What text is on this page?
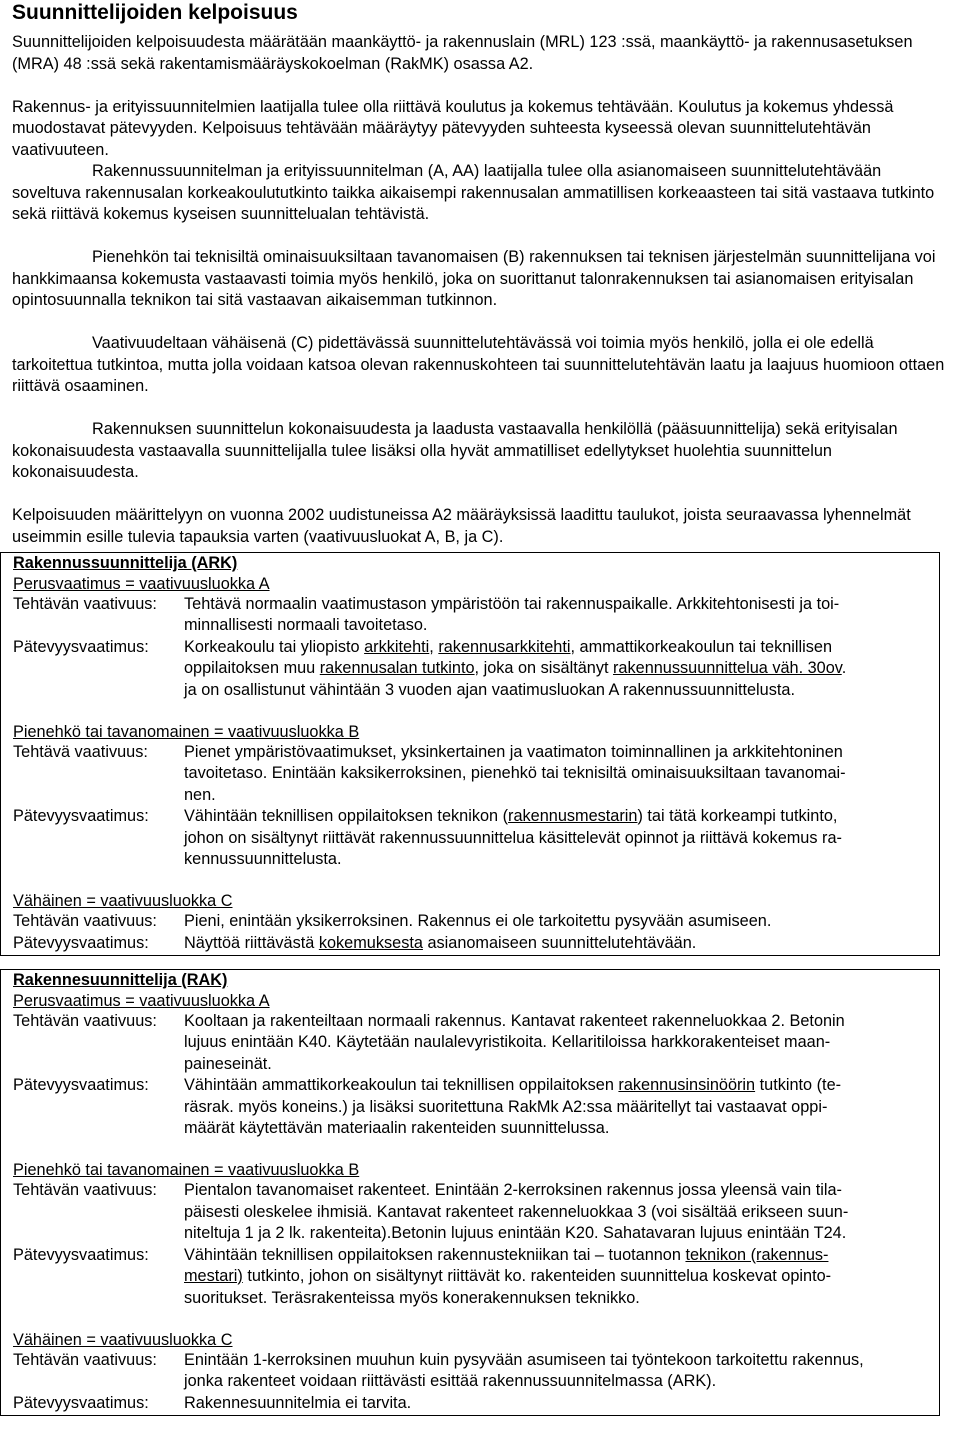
Suunnittelijoiden kelpoisuus

Suunnittelijoiden kelpoisuudesta määrätään maankäyttö- ja rakennuslain (MRL) 123 :ssä, maankäyttö- ja rakennusasetuksen (MRA) 48 :ssä sekä rakentamismääräyskokoelman (RakMK) osassa A2.

Rakennus- ja erityissuunnitelmien laatijalla tulee olla riittävä koulutus ja kokemus tehtävään. Koulutus ja kokemus yhdessä muodostavat pätevyyden. Kelpoisuus tehtävään määräytyy pätevyyden suhteesta kyseessä olevan suunnittelutehtävän vaativuuteen.

Rakennussuunnitelman ja erityissuunnitelman (A, AA) laatijalla tulee olla asianomaiseen suunnittelutehtävään soveltuva rakennusalan korkeakoulututkinto taikka aikaisempi rakennusalan ammatillisen korkeaasteen tai sitä vastaava tutkinto sekä riittävä kokemus kyseisen suunnittelualan tehtävistä.

Pienehkön tai teknisiltä ominaisuuksiltaan tavanomaisen (B) rakennuksen tai teknisen järjestelmän suunnittelijana voi hankkimaansa kokemusta vastaavasti toimia myös henkilö, joka on suorittanut talonrakennuksen tai asianomaisen erityisalan opintosuunnalla teknikon tai sitä vastaavan aikaisemman tutkinnon.

Vaativuudeltaan vähäisenä (C) pidettävässä suunnittelutehtävässä voi toimia myös henkilö, jolla ei ole edellä tarkoitettua tutkintoa, mutta jolla voidaan katsoa olevan rakennuskohteen tai suunnittelutehtävän laatu ja laajuus huomioon ottaen riittävä osaaminen.

Rakennuksen suunnittelun kokonaisuudesta ja laadusta vastaavalla henkilöllä (pääsuunnittelija) sekä erityisalan kokonaisuudesta vastaavalla suunnittelijalla tulee lisäksi olla hyvät ammatilliset edellytykset huolehtia suunnittelun kokonaisuudesta.

Kelpoisuuden määrittelyyn on vuonna 2002 uudistuneissa A2 määräyksissä laadittu taulukot, joista seuraavassa lyhennelmät useimmin esille tulevia tapauksia varten (vaativuusluokat A, B, ja C).

Rakennussuunnittelija (ARK)
Perusvaatimus = vaativuusluokka A
Tehtävän vaativuus:	Tehtävä normaalin vaatimustason ympäristöön tai rakennuspaikalle. Arkkitehtonisesti ja toi-
minnallisesti normaali tavoitetaso.
Pätevyysvaatimus:	Korkeakoulu tai yliopisto arkkitehti, rakennusarkkitehti, ammattikorkeakoulun tai teknillisen
oppilaitoksen muu rakennusalan tutkinto, joka on sisältänyt rakennussuunnittelua väh. 30ov.
ja on osallistunut vähintään 3 vuoden ajan vaatimusluokan A rakennussuunnittelusta.
Pienehkö tai tavanomainen = vaativuusluokka B
Tehtävä vaativuus:	Pienet ympäristövaatimukset, yksinkertainen ja vaatimaton toiminnallinen ja arkkitehtoninen
tavoitetaso. Enintään kaksikerroksinen, pienehkö tai teknisiltä ominaisuuksiltaan tavanomai-
nen.
Pätevyysvaatimus:	Vähintään teknillisen oppilaitoksen teknikon (rakennusmestarin) tai tätä korkeampi tutkinto,
johon on sisältynyt riittävät rakennussuunnittelua käsittelevät opinnot ja riittävä kokemus ra-
kennussuunnittelusta.
Vähäinen = vaativuusluokka C
Tehtävän vaativuus:	Pieni, enintään yksikerroksinen. Rakennus ei ole tarkoitettu pysyvään asumiseen.
Pätevyysvaatimus:	Näyttöä riittävästä kokemuksesta asianomaiseen suunnittelutehtävään.
Rakennesuunnittelija (RAK)
Perusvaatimus = vaativuusluokka A
Tehtävän vaativuus:	Kooltaan ja rakenteiltaan normaali rakennus. Kantavat rakenteet rakenneluokkaa 2. Betonin
lujuus enintään K40. Käytetään naulalevyristikoita. Kellaritiloissa harkkorakenteiset maan-
paineseinät.
Pätevyysvaatimus:	Vähintään ammattikorkeakoulun tai teknillisen oppilaitoksen rakennusinsinöörin tutkinto (te-
räsrak. myös koneins.) ja lisäksi suoritettuna RakMk A2:ssa määritellyt tai vastaavat oppi-
määrät käytettävän materiaalin rakenteiden suunnittelussa.
Pienehkö tai tavanomainen = vaativuusluokka B
Tehtävän vaativuus:	Pientalon tavanomaiset rakenteet. Enintään 2-kerroksinen rakennus jossa yleensä vain tila-
päisesti oleskelee ihmisiä. Kantavat rakenteet rakenneluokkaa 3 (voi sisältää erikseen suun-
niteltuja 1 ja 2 lk. rakenteita).Betonin lujuus enintään K20. Sahatavaran lujuus enintään T24.
Pätevyysvaatimus:	Vähintään teknillisen oppilaitoksen rakennustekniikan tai – tuotannon teknikon (rakennus-
mestari) tutkinto, johon on sisältynyt riittävät ko. rakenteiden suunnittelua koskevat opinto-
suoritukset. Teräsrakenteissa myös konerakennuksen teknikko.
Vähäinen = vaativuusluokka C
Tehtävän vaativuus:	Enintään 1-kerroksinen muuhun kuin pysyvään asumiseen tai työntekoon tarkoitettu rakennus,
jonka rakenteet voidaan riittävästi esittää rakennussuunnitelmassa (ARK).
Pätevyysvaatimus:	Rakennesuunnitelmia ei tarvita.
